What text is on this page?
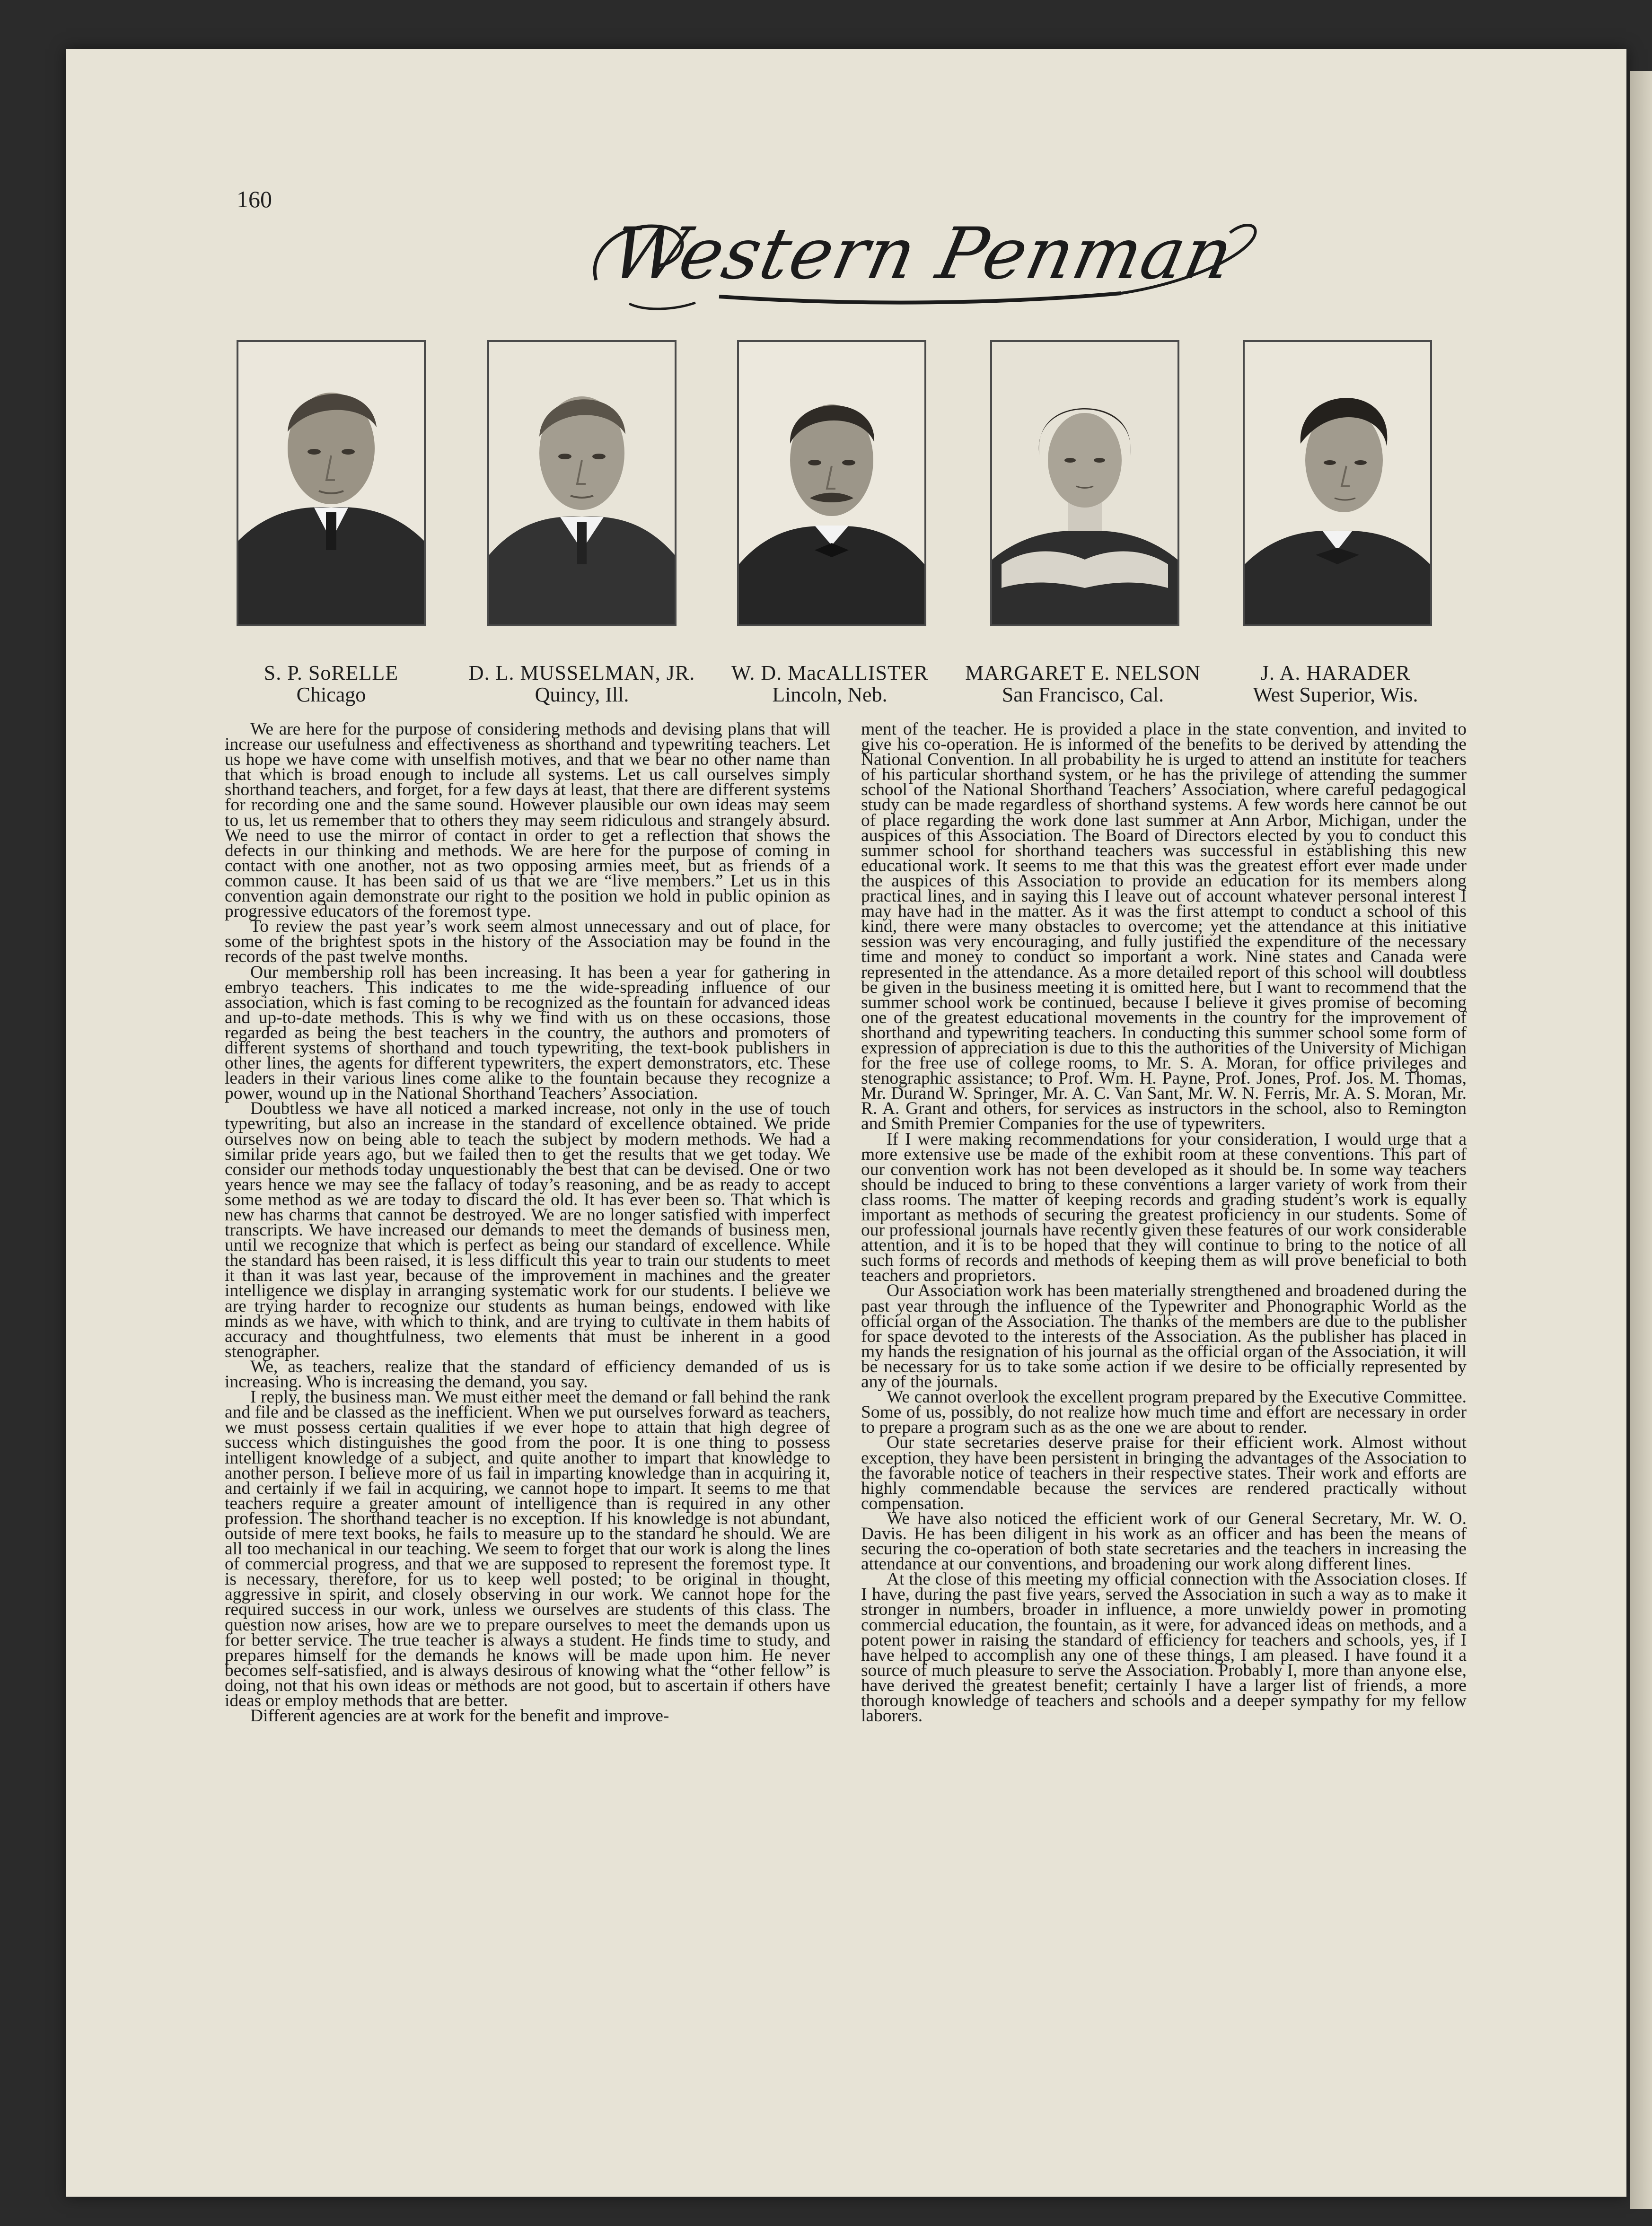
160
Western Penman
S. P. SoRELLE
Chicago
D. L. MUSSELMAN, JR.
Quincy, Ill.
W. D. MacALLISTER
Lincoln, Neb.
MARGARET E. NELSON
San Francisco, Cal.
J. A. HARADER
West Superior, Wis.

We are here for the purpose of considering methods and devising plans that will increase our usefulness and effectiveness as shorthand and typewriting teachers. Let us hope we have come with unselfish motives, and that we bear no other name than that which is broad enough to include all systems. Let us call ourselves simply shorthand teachers, and forget, for a few days at least, that there are different systems for recording one and the same sound. However plausible our own ideas may seem to us, let us remember that to others they may seem ridiculous and strangely absurd. We need to use the mirror of contact in order to get a reflection that shows the defects in our thinking and methods. We are here for the purpose of coming in contact with one another, not as two opposing armies meet, but as friends of a common cause. It has been said of us that we are “live members.” Let us in this convention again demonstrate our right to the position we hold in public opinion as progressive educators of the foremost type.

To review the past year’s work seem almost unnecessary and out of place, for some of the brightest spots in the history of the Association may be found in the records of the past twelve months.

Our membership roll has been increasing. It has been a year for gathering in embryo teachers. This indicates to me the wide-spreading influence of our association, which is fast coming to be recognized as the fountain for advanced ideas and up-to-date methods. This is why we find with us on these occasions, those regarded as being the best teachers in the country, the authors and promoters of different systems of shorthand and touch typewriting, the text-book publishers in other lines, the agents for different typewriters, the expert demonstrators, etc. These leaders in their various lines come alike to the fountain because they recognize a power, wound up in the National Shorthand Teachers’ Association.

Doubtless we have all noticed a marked increase, not only in the use of touch typewriting, but also an increase in the standard of excellence obtained. We pride ourselves now on being able to teach the subject by modern methods. We had a similar pride years ago, but we failed then to get the results that we get today. We consider our methods today unquestionably the best that can be devised. One or two years hence we may see the fallacy of today’s reasoning, and be as ready to accept some method as we are today to discard the old. It has ever been so. That which is new has charms that cannot be destroyed. We are no longer satisfied with imperfect transcripts. We have increased our demands to meet the demands of business men, until we recognize that which is perfect as being our standard of excellence. While the standard has been raised, it is less difficult this year to train our students to meet it than it was last year, because of the improvement in machines and the greater intelligence we display in arranging systematic work for our students. I believe we are trying harder to recognize our students as human beings, endowed with like minds as we have, with which to think, and are trying to cultivate in them habits of accuracy and thoughtfulness, two elements that must be inherent in a good stenographer.

We, as teachers, realize that the standard of efficiency demanded of us is increasing. Who is increasing the demand, you say.

I reply, the business man. We must either meet the demand or fall behind the rank and file and be classed as the inefficient. When we put ourselves forward as teachers, we must possess certain qualities if we ever hope to attain that high degree of success which distinguishes the good from the poor. It is one thing to possess intelligent knowledge of a subject, and quite another to impart that knowledge to another person. I believe more of us fail in imparting knowledge than in acquiring it, and certainly if we fail in acquiring, we cannot hope to impart. It seems to me that teachers require a greater amount of intelligence than is required in any other profession. The shorthand teacher is no exception. If his knowledge is not abundant, outside of mere text books, he fails to measure up to the standard he should. We are all too mechanical in our teaching. We seem to forget that our work is along the lines of commercial progress, and that we are supposed to represent the foremost type. It is necessary, therefore, for us to keep well posted; to be original in thought, aggressive in spirit, and closely observing in our work. We cannot hope for the required success in our work, unless we ourselves are students of this class. The question now arises, how are we to prepare ourselves to meet the demands upon us for better service. The true teacher is always a student. He finds time to study, and prepares himself for the demands he knows will be made upon him. He never becomes self-satisfied, and is always desirous of knowing what the “other fellow” is doing, not that his own ideas or methods are not good, but to ascertain if others have ideas or employ methods that are better.

Different agencies are at work for the benefit and improve-

ment of the teacher. He is provided a place in the state convention, and invited to give his co-operation. He is informed of the benefits to be derived by attending the National Convention. In all probability he is urged to attend an institute for teachers of his particular shorthand system, or he has the privilege of attending the summer school of the National Shorthand Teachers’ Association, where careful pedagogical study can be made regardless of shorthand systems. A few words here cannot be out of place regarding the work done last summer at Ann Arbor, Michigan, under the auspices of this Association. The Board of Directors elected by you to conduct this summer school for shorthand teachers was successful in establishing this new educational work. It seems to me that this was the greatest effort ever made under the auspices of this Association to provide an education for its members along practical lines, and in saying this I leave out of account whatever personal interest I may have had in the matter. As it was the first attempt to conduct a school of this kind, there were many obstacles to overcome; yet the attendance at this initiative session was very encouraging, and fully justified the expenditure of the necessary time and money to conduct so important a work. Nine states and Canada were represented in the attendance. As a more detailed report of this school will doubtless be given in the business meeting it is omitted here, but I want to recommend that the summer school work be continued, because I believe it gives promise of becoming one of the greatest educational movements in the country for the improvement of shorthand and typewriting teachers. In conducting this summer school some form of expression of appreciation is due to this the authorities of the University of Michigan for the free use of college rooms, to Mr. S. A. Moran, for office privileges and stenographic assistance; to Prof. Wm. H. Payne, Prof. Jones, Prof. Jos. M. Thomas, Mr. Durand W. Springer, Mr. A. C. Van Sant, Mr. W. N. Ferris, Mr. A. S. Moran, Mr. R. A. Grant and others, for services as instructors in the school, also to Remington and Smith Premier Companies for the use of typewriters.

If I were making recommendations for your consideration, I would urge that a more extensive use be made of the exhibit room at these conventions. This part of our convention work has not been developed as it should be. In some way teachers should be induced to bring to these conventions a larger variety of work from their class rooms. The matter of keeping records and grading student’s work is equally important as methods of securing the greatest proficiency in our students. Some of our professional journals have recently given these features of our work considerable attention, and it is to be hoped that they will continue to bring to the notice of all such forms of records and methods of keeping them as will prove beneficial to both teachers and proprietors.

Our Association work has been materially strengthened and broadened during the past year through the influence of the Typewriter and Phonographic World as the official organ of the Association. The thanks of the members are due to the publisher for space devoted to the interests of the Association. As the publisher has placed in my hands the resignation of his journal as the official organ of the Association, it will be necessary for us to take some action if we desire to be officially represented by any of the journals.

We cannot overlook the excellent program prepared by the Executive Committee. Some of us, possibly, do not realize how much time and effort are necessary in order to prepare a program such as as the one we are about to render.

Our state secretaries deserve praise for their efficient work. Almost without exception, they have been persistent in bringing the advantages of the Association to the favorable notice of teachers in their respective states. Their work and efforts are highly commendable because the services are rendered practically without compensation.

We have also noticed the efficient work of our General Secretary, Mr. W. O. Davis. He has been diligent in his work as an officer and has been the means of securing the co-operation of both state secretaries and the teachers in increasing the attendance at our conventions, and broadening our work along different lines.

At the close of this meeting my official connection with the Association closes. If I have, during the past five years, served the Association in such a way as to make it stronger in numbers, broader in influence, a more unwieldy power in promoting commercial education, the fountain, as it were, for advanced ideas on methods, and a potent power in raising the standard of efficiency for teachers and schools, yes, if I have helped to accomplish any one of these things, I am pleased. I have found it a source of much pleasure to serve the Association. Probably I, more than anyone else, have derived the greatest benefit; certainly I have a larger list of friends, a more thorough knowledge of teachers and schools and a deeper sympathy for my fellow laborers.
